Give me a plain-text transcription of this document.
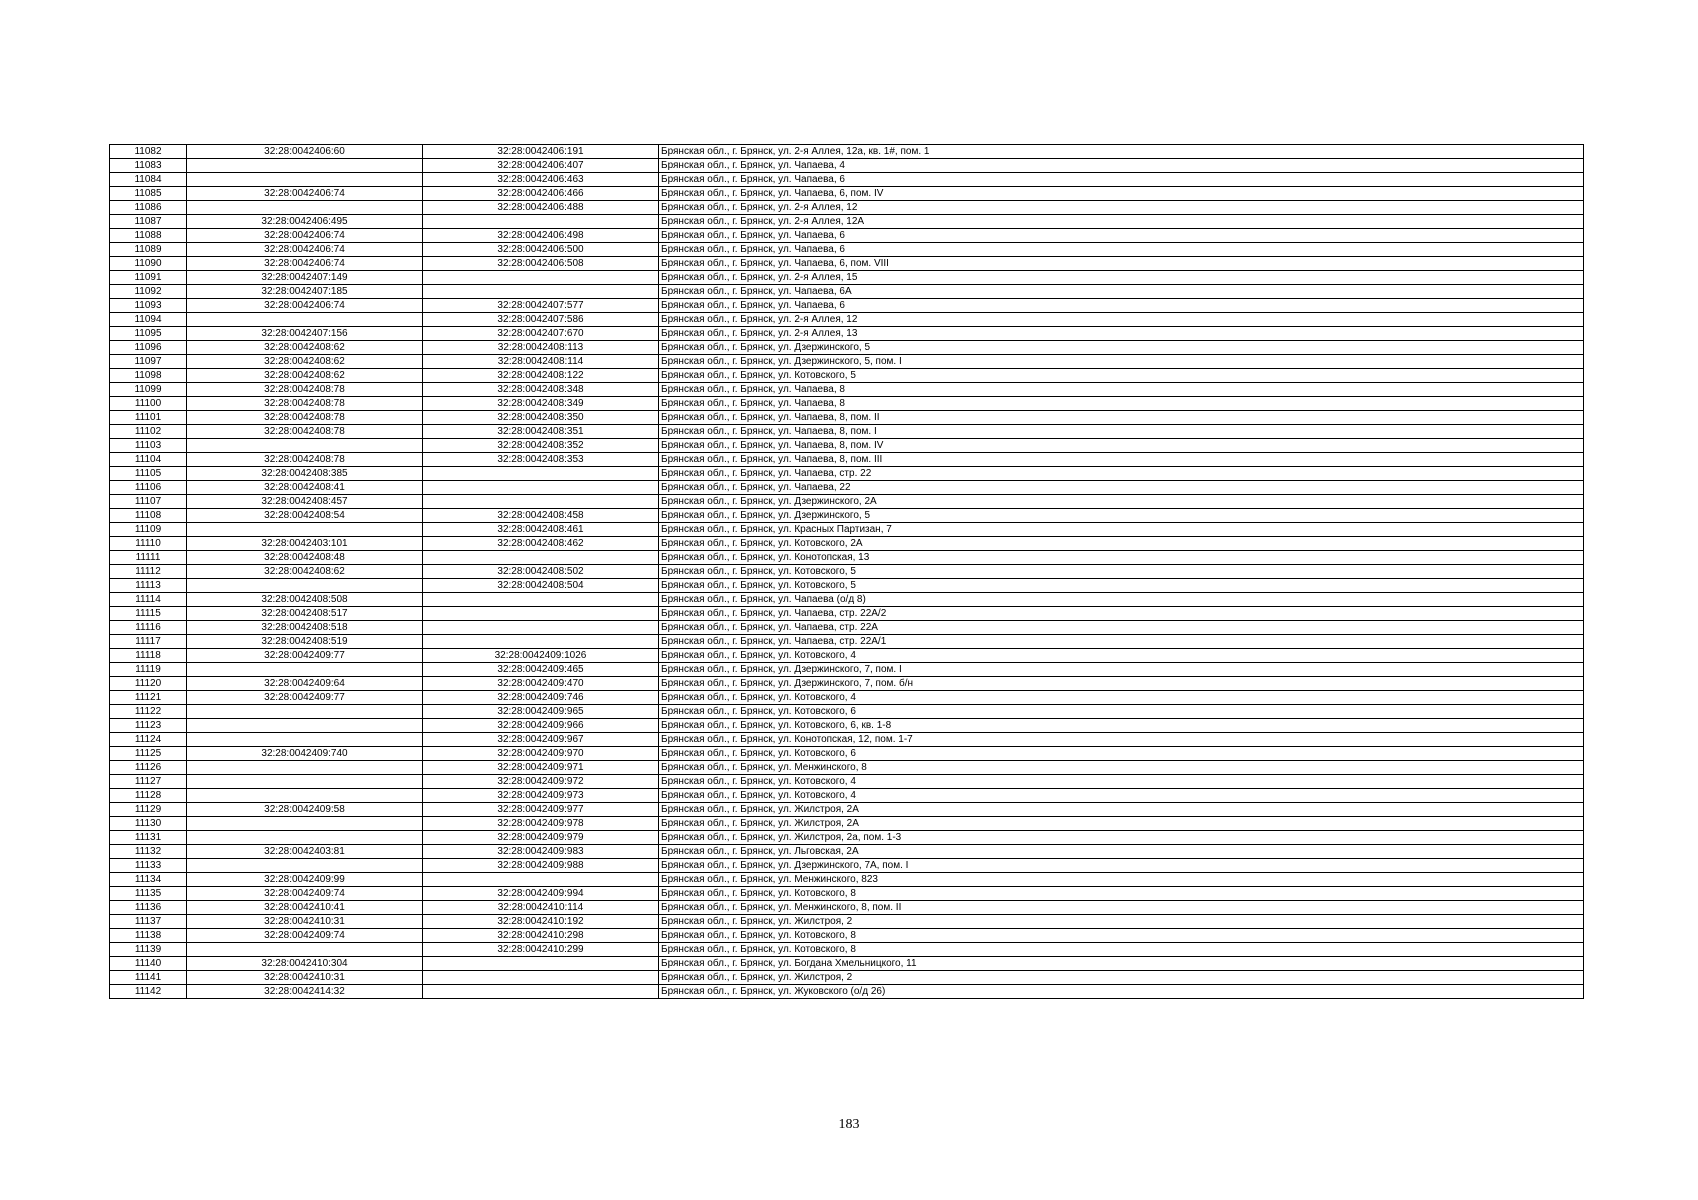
11082	32:28:0042406:60	32:28:0042406:191	Брянская обл., г. Брянск, ул. 2-я Аллея, 12а, кв. 1#, пом. 1
11083		32:28:0042406:407	Брянская обл., г. Брянск, ул. Чапаева, 4
11084		32:28:0042406:463	Брянская обл., г. Брянск, ул. Чапаева, 6
11085	32:28:0042406:74	32:28:0042406:466	Брянская обл., г. Брянск, ул. Чапаева, 6, пом. IV
11086		32:28:0042406:488	Брянская обл., г. Брянск, ул. 2-я Аллея, 12
11087	32:28:0042406:495		Брянская обл., г. Брянск, ул. 2-я Аллея, 12А
11088	32:28:0042406:74	32:28:0042406:498	Брянская обл., г. Брянск, ул. Чапаева, 6
11089	32:28:0042406:74	32:28:0042406:500	Брянская обл., г. Брянск, ул. Чапаева, 6
11090	32:28:0042406:74	32:28:0042406:508	Брянская обл., г. Брянск, ул. Чапаева, 6, пом. VIII
11091	32:28:0042407:149		Брянская обл., г. Брянск, ул. 2-я Аллея, 15
11092	32:28:0042407:185		Брянская обл., г. Брянск, ул. Чапаева, 6А
11093	32:28:0042406:74	32:28:0042407:577	Брянская обл., г. Брянск, ул. Чапаева, 6
11094		32:28:0042407:586	Брянская обл., г. Брянск, ул. 2-я Аллея, 12
11095	32:28:0042407:156	32:28:0042407:670	Брянская обл., г. Брянск, ул. 2-я Аллея, 13
11096	32:28:0042408:62	32:28:0042408:113	Брянская обл., г. Брянск, ул. Дзержинского, 5
11097	32:28:0042408:62	32:28:0042408:114	Брянская обл., г. Брянск, ул. Дзержинского, 5, пом. I
11098	32:28:0042408:62	32:28:0042408:122	Брянская обл., г. Брянск, ул. Котовского, 5
11099	32:28:0042408:78	32:28:0042408:348	Брянская обл., г. Брянск, ул. Чапаева, 8
11100	32:28:0042408:78	32:28:0042408:349	Брянская обл., г. Брянск, ул. Чапаева, 8
11101	32:28:0042408:78	32:28:0042408:350	Брянская обл., г. Брянск, ул. Чапаева, 8, пом. II
11102	32:28:0042408:78	32:28:0042408:351	Брянская обл., г. Брянск, ул. Чапаева, 8, пом. I
11103		32:28:0042408:352	Брянская обл., г. Брянск, ул. Чапаева, 8, пом. IV
11104	32:28:0042408:78	32:28:0042408:353	Брянская обл., г. Брянск, ул. Чапаева, 8, пом. III
11105	32:28:0042408:385		Брянская обл., г. Брянск, ул. Чапаева, стр. 22
11106	32:28:0042408:41		Брянская обл., г. Брянск, ул. Чапаева, 22
11107	32:28:0042408:457		Брянская обл., г. Брянск, ул. Дзержинского, 2А
11108	32:28:0042408:54	32:28:0042408:458	Брянская обл., г. Брянск, ул. Дзержинского, 5
11109		32:28:0042408:461	Брянская обл., г. Брянск, ул. Красных Партизан, 7
11110	32:28:0042403:101	32:28:0042408:462	Брянская обл., г. Брянск, ул. Котовского, 2А
11111	32:28:0042408:48		Брянская обл., г. Брянск, ул. Конотопская, 13
11112	32:28:0042408:62	32:28:0042408:502	Брянская обл., г. Брянск, ул. Котовского, 5
11113		32:28:0042408:504	Брянская обл., г. Брянск, ул. Котовского, 5
11114	32:28:0042408:508		Брянская обл., г. Брянск, ул. Чапаева (о/д 8)
11115	32:28:0042408:517		Брянская обл., г. Брянск, ул. Чапаева, стр. 22А/2
11116	32:28:0042408:518		Брянская обл., г. Брянск, ул. Чапаева, стр. 22А
11117	32:28:0042408:519		Брянская обл., г. Брянск, ул. Чапаева, стр. 22А/1
11118	32:28:0042409:77	32:28:0042409:1026	Брянская обл., г. Брянск, ул. Котовского, 4
11119		32:28:0042409:465	Брянская обл., г. Брянск, ул. Дзержинского, 7, пом. I
11120	32:28:0042409:64	32:28:0042409:470	Брянская обл., г. Брянск, ул. Дзержинского, 7, пом. б/н
11121	32:28:0042409:77	32:28:0042409:746	Брянская обл., г. Брянск, ул. Котовского, 4
11122		32:28:0042409:965	Брянская обл., г. Брянск, ул. Котовского, 6
11123		32:28:0042409:966	Брянская обл., г. Брянск, ул. Котовского, 6, кв. 1-8
11124		32:28:0042409:967	Брянская обл., г. Брянск, ул. Конотопская, 12, пом. 1-7
11125	32:28:0042409:740	32:28:0042409:970	Брянская обл., г. Брянск, ул. Котовского, 6
11126		32:28:0042409:971	Брянская обл., г. Брянск, ул. Менжинского, 8
11127		32:28:0042409:972	Брянская обл., г. Брянск, ул. Котовского, 4
11128		32:28:0042409:973	Брянская обл., г. Брянск, ул. Котовского, 4
11129	32:28:0042409:58	32:28:0042409:977	Брянская обл., г. Брянск, ул. Жилстроя, 2А
11130		32:28:0042409:978	Брянская обл., г. Брянск, ул. Жилстроя, 2А
11131		32:28:0042409:979	Брянская обл., г. Брянск, ул. Жилстроя, 2а, пом. 1-3
11132	32:28:0042403:81	32:28:0042409:983	Брянская обл., г. Брянск, ул. Льговская, 2А
11133		32:28:0042409:988	Брянская обл., г. Брянск, ул. Дзержинского, 7А, пом. I
11134	32:28:0042409:99		Брянская обл., г. Брянск, ул. Менжинского, 823
11135	32:28:0042409:74	32:28:0042409:994	Брянская обл., г. Брянск, ул. Котовского, 8
11136	32:28:0042410:41	32:28:0042410:114	Брянская обл., г. Брянск, ул. Менжинского, 8, пом. II
11137	32:28:0042410:31	32:28:0042410:192	Брянская обл., г. Брянск, ул. Жилстроя, 2
11138	32:28:0042409:74	32:28:0042410:298	Брянская обл., г. Брянск, ул. Котовского, 8
11139		32:28:0042410:299	Брянская обл., г. Брянск, ул. Котовского, 8
11140	32:28:0042410:304		Брянская обл., г. Брянск, ул. Богдана Хмельницкого, 11
11141	32:28:0042410:31		Брянская обл., г. Брянск, ул. Жилстроя, 2
11142	32:28:0042414:32		Брянская обл., г. Брянск, ул. Жуковского (о/д 26)
183
